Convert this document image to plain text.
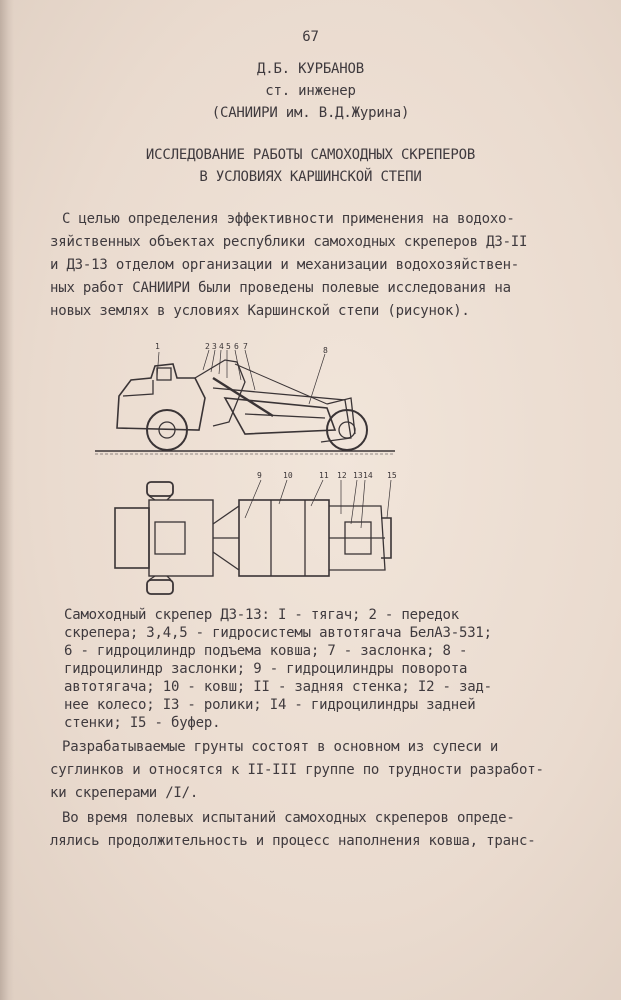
67
Д.Б. КУРБАНОВ
ст. инженер
(САНИИРИ им. В.Д.Журина)
ИССЛЕДОВАНИЕ РАБОТЫ САМОХОДНЫХ СКРЕПЕРОВ
В УСЛОВИЯХ КАРШИНСКОЙ СТЕПИ
С целью определения эффективности применения на водохо-
зяйственных объектах республики самоходных скреперов ДЗ-II
и ДЗ-13 отделом организации и механизации водохозяйствен-
ных работ САНИИРИ были проведены полевые исследования на
новых землях в условиях Каршинской степи (рисунок).
1	2 3 4 5 6 7	8
9	10	11 12 13 14 15
Самоходный скрепер ДЗ-13: I - тягач; 2 - передок
скрепера; 3,4,5 - гидросистемы автотягача БелАЗ-531;
6 - гидроцилиндр подъема ковша; 7 - заслонка; 8 -
гидроцилиндр заслонки; 9 - гидроцилиндры поворота
автотягача; 10 - ковш; II - задняя стенка; I2 - зад-
нее колесо; I3 - ролики; I4 - гидроцилиндры задней
стенки; I5 - буфер.
Разрабатываемые грунты состоят в основном из супеси и
суглинков и относятся к II-III группе по трудности разработ-
ки скреперами /I/.
Во время полевых испытаний самоходных скреперов опреде-
лялись продолжительность и процесс наполнения ковша, транс-
